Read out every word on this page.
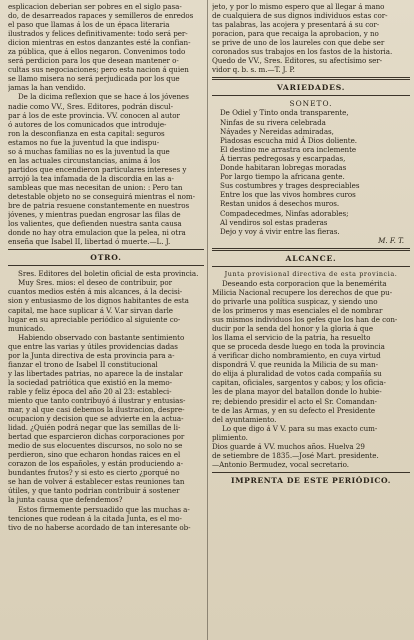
esplicacion deberian ser pobres en el siglo pasa-
do, de desarreados rapaces y semilleros de enredos
el paso que llamas á los de un épaca literaria
ilustrados y felices definitivamente: todo será per-
dicion mientras en estos danzantes esté la confian-
za pública, que á ellos negaron. Convenimos todo
será perdicion para los que desean mantener o-
cultas sus negociaciones; pero esta nacion á quien
se llamo misera no será perjudicada por los que
jamas la han vendido.
De la dicima reflexion que se hace á los jóvenes
nadie como VV., Sres. Editores, podrán discul-
par á los de este provincia. VV. conocen al autor
ó autores de los comunicados que introduje-
ron la desconfianza en esta capital: seguros
estamos no fue la juventud la que indispu-
so á muchas familias no es la juventud la que
en las actuales circunstancias, anima á los
partidos que encendieron particulares intereses y
arrojó la tea infamada de la discordia en las a-
sambleas que mas necesitan de union: : Pero tan
detestable objeto no se conseguirá mientras el nom-
bre de patria resuene constantemente en nuestros
jóvenes, y mientras puedan engrosar las filas de
los valientes, que defienden nuestra santa causa
donde no hay otra emulacion que la pelea, ni otra
enseña que Isabel II, libertad ó muerte.—L. J.
OTRO.
Sres. Editores del boletin oficial de esta provincia.
Muy Sres. mios: el deseo de contribuir, por
cuantos medios estén á mis alcances, á la decisi-
sion y entusiasmo de los dignos habitantes de esta
capital, me hace suplicar á V. V.ar sirvan darle
lugar en su apreciable periódico al siguiente co-
municado.
Habiendo observado con bastante sentimiento
que entre las varias y útiles providencias dadas
por la Junta directiva de esta provincia para a-
fianzar el trono de Isabel II constitucional
y las libertades patrias, no aparece la de instalar
la sociedad patriótica que existió en la memo-
rable y feliz época del año 20 al 23: estableci-
miento que tanto contribuyó á ilustrar y entusias-
mar, y al que casi debemos la ilustracion, despre-
ocupacion y decision que se advierte en la actua-
lidad. ¿Quién podrá negar que las semillas de li-
bertad que esparcieron dichas corporaciones por
medio de sus elocuentes discursos, no solo no se
perdieron, sino que echaron hondas raices en el
corazon de los españoles, y están produciendo a-
bundantes frutos? y si esto es cierto ¿porqué no
se han de volver á establecer estas reuniones tan
útiles, y que tanto podrian contribuir á sostener
la junta causa que defendemos?
Estos firmemente persuadido que las muchas a-
tenciones que rodean á la citada Junta, es el mo-
tivo de no haberse acordado de tan interesante ob-
jeto, y por lo mismo espero que al llegar á mano
de cualquiera de sus dignos individuos estas cor-
tas palabras, las acojera y presentará á su cor-
poracion, para que recaiga la aprobacion, y no
se prive de uno de los laureles con que debe ser
coronados sus trabajos en los fastos de la historia.
Quedo de VV., Sres. Editores, su afectísimo ser-
vidor q. b. s. m.—T. J. P.
VARIEDADES.
SONETO.
De Odiel y Tinto onda transparente,
Ninfas de su rivera celebrada
Náyades y Nereidas admiradas,
Piadosas escucha mid Á Dios doliente.
El destino me arrastra ora inclemente
Á tierras pedregosas y escarpadas,
Donde habitaran lobregas moradas
Por largo tiempo la africana gente.
Sus costumbres y trages despreciables
Entre los que las vivos hombres curos
Restan unidos á desechos muros.
Compadecedmes, Ninfas adorables;
Al vendiros sol estas praderas
Dejo y voy á vivir entre las fieras.
M. F. T.
ALCANCE.
Junta provisional directiva de esta provincia.
Deseando esta corporacion que la benemérita
Milicia Nacional recupere los derechos de que pu-
do privarle una política suspicaz, y siendo uno
de los primeros y mas esenciales el de nombrar
sus mismos individuos los gefes que los han de con-
ducir por la senda del honor y la gloria á que
los llama el servicio de la patria, ha resuelto
que se proceda desde luego en toda la provincia
á verificar dicho nombramiento, en cuya virtud
dispondrá V. que reunida la Milicia de su man-
do elija á pluralidad de votos cada compañía su
capitan, oficiales, sargentos y cabos; y los oficia-
les de plana mayor del batallon donde lo hubie-
re; debiendo presidir el acto el Sr. Comandan-
te de las Armas, y en su defecto el Presidente
del ayuntamiento.
Lo que digo á V V. para su mas exacto cum-
plimiento.
Dios guarde á VV. muchos años. Huelva 29
de setiembre de 1835.—José Mart. presidente.
—Antonio Bermudez, vocal secretario.
IMPRENTA DE ESTE PERIÓDICO.
